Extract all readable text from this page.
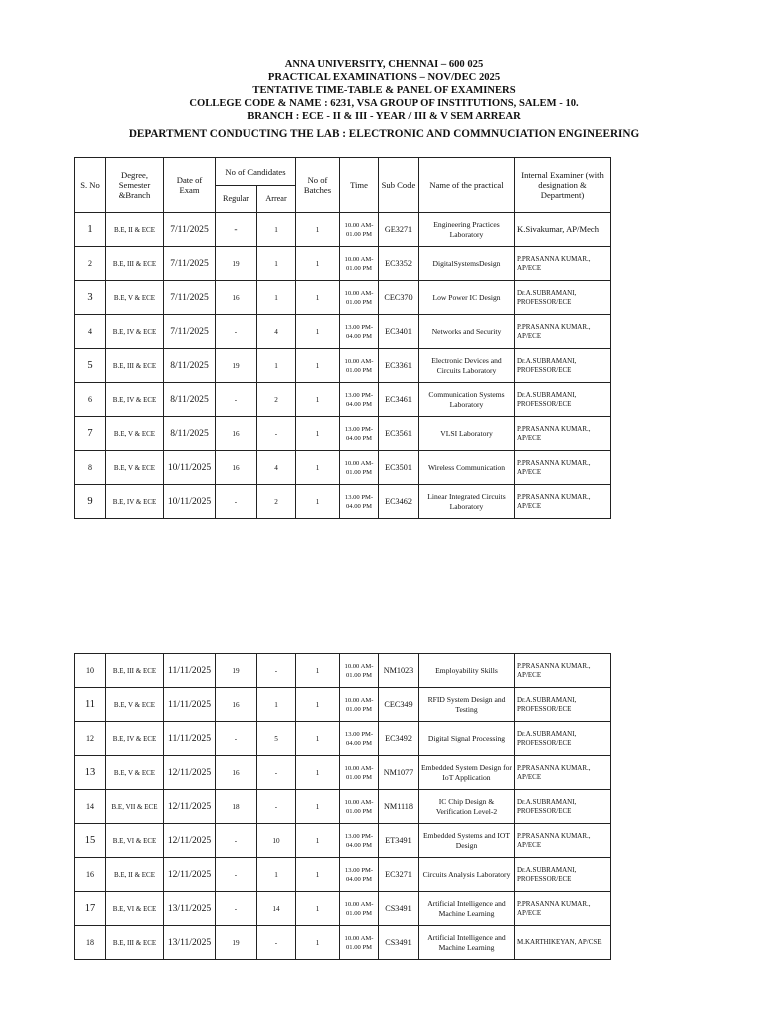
ANNA UNIVERSITY, CHENNAI – 600 025
PRACTICAL EXAMINATIONS – NOV/DEC 2025
TENTATIVE TIME-TABLE & PANEL OF EXAMINERS
COLLEGE CODE & NAME : 6231, VSA GROUP OF INSTITUTIONS, SALEM - 10.
BRANCH : ECE - II & III - YEAR / III & V SEM ARREAR
DEPARTMENT CONDUCTING THE LAB : ELECTRONIC AND COMMNUCIATION ENGINEERING
S. No	Degree, Semester &Branch	Date of Exam	No of Candidates		No of Batches	Time	Sub Code	Name of the practical	Internal Examiner (with designation & Department)
			Regular	Arrear					
1	B.E, II & ECE	7/11/2025	-	1	1	10.00 AM- 01.00 PM	GE3271	Engineering Practices Laboratory	K.Sivakumar, AP/Mech
2	B.E, III & ECE	7/11/2025	19	1	1	10.00 AM- 01.00 PM	EC3352	DigitalSystemsDesign	P.PRASANNA KUMAR., AP/ECE
3	B.E, V & ECE	7/11/2025	16	1	1	10.00 AM- 01.00 PM	CEC370	Low Power IC Design	Dr.A.SUBRAMANI, PROFESSOR/ECE
4	B.E, IV & ECE	7/11/2025	-	4	1	13.00 PM- 04.00 PM	EC3401	Networks and Security	P.PRASANNA KUMAR., AP/ECE
5	B.E, III & ECE	8/11/2025	19	1	1	10.00 AM- 01.00 PM	EC3361	Electronic Devices and Circuits Laboratory	Dr.A.SUBRAMANI, PROFESSOR/ECE
6	B.E, IV & ECE	8/11/2025	-	2	1	13.00 PM- 04.00 PM	EC3461	Communication Systems Laboratory	Dr.A.SUBRAMANI, PROFESSOR/ECE
7	B.E, V & ECE	8/11/2025	16	-	1	13.00 PM- 04.00 PM	EC3561	VLSI Laboratory	P.PRASANNA KUMAR., AP/ECE
8	B.E, V & ECE	10/11/2025	16	4	1	10.00 AM- 01.00 PM	EC3501	Wireless Communication	P.PRASANNA KUMAR., AP/ECE
9	B.E, IV & ECE	10/11/2025	-	2	1	13.00 PM- 04.00 PM	EC3462	Linear Integrated Circuits Laboratory	P.PRASANNA KUMAR., AP/ECE
10	B.E, III & ECE	11/11/2025	19	-	1	10.00 AM- 01.00 PM	NM1023	Employability Skills	P.PRASANNA KUMAR., AP/ECE
11	B.E, V & ECE	11/11/2025	16	1	1	10.00 AM- 01.00 PM	CEC349	RFID System Design and Testing	Dr.A.SUBRAMANI, PROFESSOR/ECE
12	B.E, IV & ECE	11/11/2025	-	5	1	13.00 PM- 04.00 PM	EC3492	Digital Signal Processing	Dr.A.SUBRAMANI, PROFESSOR/ECE
13	B.E, V & ECE	12/11/2025	16	-	1	10.00 AM- 01.00 PM	NM1077	Embedded System Design for IoT Application	P.PRASANNA KUMAR., AP/ECE
14	B.E, VII & ECE	12/11/2025	18	-	1	10.00 AM- 01.00 PM	NM1118	IC Chip Design & Verification Level-2	Dr.A.SUBRAMANI, PROFESSOR/ECE
15	B.E, VI & ECE	12/11/2025	-	10	1	13.00 PM- 04.00 PM	ET3491	Embedded Systems and IOT Design	P.PRASANNA KUMAR., AP/ECE
16	B.E, II & ECE	12/11/2025	-	1	1	13.00 PM- 04.00 PM	EC3271	Circuits Analysis Laboratory	Dr.A.SUBRAMANI, PROFESSOR/ECE
17	B.E, VI & ECE	13/11/2025	-	14	1	10.00 AM- 01.00 PM	CS3491	Artificial Intelligence and Machine Learning	P.PRASANNA KUMAR., AP/ECE
18	B.E, III & ECE	13/11/2025	19	-	1	10.00 AM- 01.00 PM	CS3491	Artificial Intelligence and Machine Learning	M.KARTHIKEYAN, AP/CSE
